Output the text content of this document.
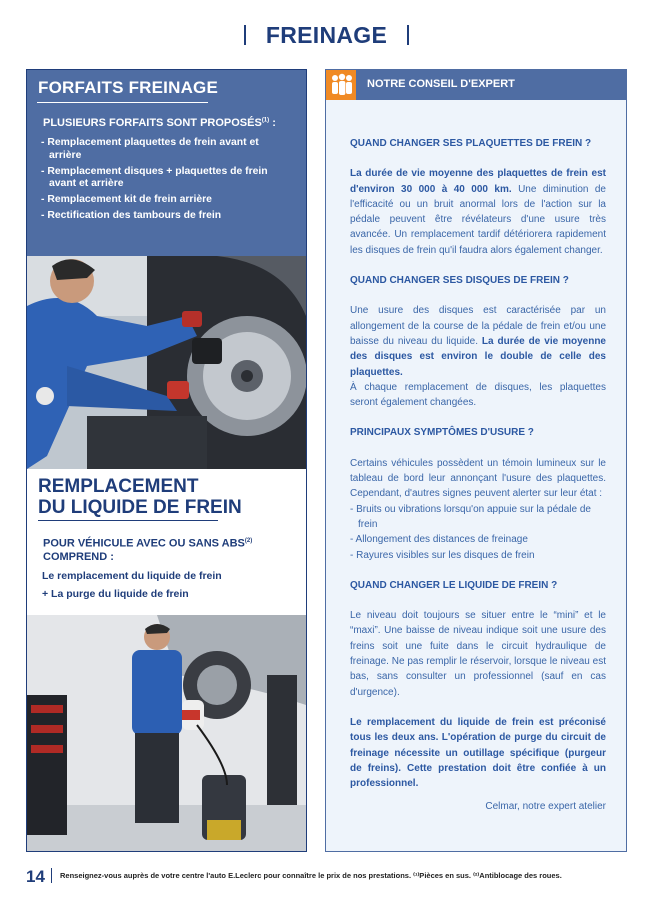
FREINAGE
FORFAITS FREINAGE
PLUSIEURS FORFAITS SONT PROPOSÉS$^{(1)}$ :
- Remplacement plaquettes de frein avant et arrière
- Remplacement disques + plaquettes de frein avant et arrière
- Remplacement kit de frein arrière
- Rectification des tambours de frein
REMPLACEMENT
DU LIQUIDE DE FREIN
POUR VÉHICULE AVEC OU SANS ABS$^{(2)}$
COMPREND :
Le remplacement du liquide de frein
+ La purge du liquide de frein
NOTRE CONSEIL D'EXPERT
QUAND CHANGER SES PLAQUETTES DE FREIN ?

La durée de vie moyenne des plaquettes de frein est d'environ 30 000 à 40 000 km. Une diminution de l'efficacité ou un bruit anormal lors de l'action sur la pédale peuvent être révélateurs d'une usure très avancée. Un remplacement tardif détériorera rapidement les disques de frein qu'il faudra alors également changer.

QUAND CHANGER SES DISQUES DE FREIN ?

Une usure des disques est caractérisée par un allongement de la course de la pédale de frein et/ou une baisse du niveau du liquide. La durée de vie moyenne des disques est environ le double de celle des plaquettes.
À chaque remplacement de disques, les plaquettes seront également changées.

PRINCIPAUX SYMPTÔMES D'USURE ?

Certains véhicules possèdent un témoin lumineux sur le tableau de bord leur annonçant l'usure des plaquettes. Cependant, d'autres signes peuvent alerter sur leur état :

- Bruits ou vibrations lorsqu'on appuie sur la pédale de frein
- Allongement des distances de freinage
- Rayures visibles sur les disques de frein
QUAND CHANGER LE LIQUIDE DE FREIN ?

Le niveau doit toujours se situer entre le “mini” et le “maxi”. Une baisse de niveau indique soit une usure des freins soit une fuite dans le circuit hydraulique de freinage. Ne pas remplir le réservoir, lorsque le niveau est bas, sans consulter un professionnel (sauf en cas d'urgence).

Le remplacement du liquide de frein est préconisé tous les deux ans. L'opération de purge du circuit de freinage nécessite un outillage spécifique (purgeur de freins). Cette prestation doit être confiée à un professionnel.

Celmar, notre expert atelier
14 Renseignez-vous auprès de votre centre l'auto E.Leclerc pour connaître le prix de nos prestations. ⁽¹⁾Pièces en sus. ⁽²⁾Antiblocage des roues.
